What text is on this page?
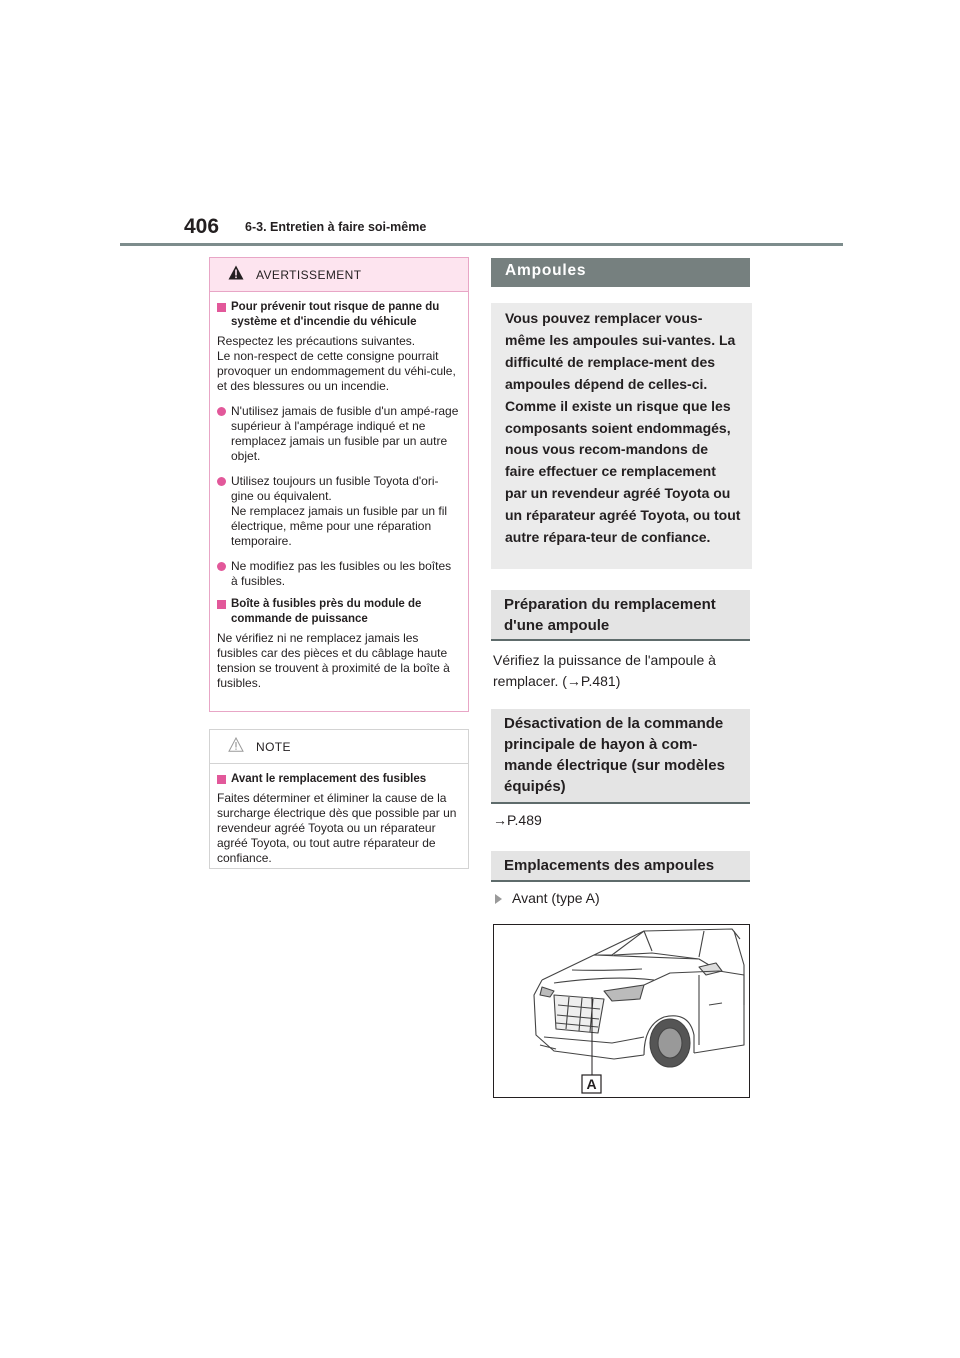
406 6-3. Entretien à faire soi-même
AVERTISSEMENT
Pour prévenir tout risque de panne du système et d'incendie du véhicule
Respectez les précautions suivantes.
Le non-respect de cette consigne pourrait provoquer un endommagement du véhi-cule, et des blessures ou un incendie.
N'utilisez jamais de fusible d'un ampé-rage supérieur à l'ampérage indiqué et ne remplacez jamais un fusible par un autre objet.
Utilisez toujours un fusible Toyota d'ori-gine ou équivalent.
Ne remplacez jamais un fusible par un fil électrique, même pour une réparation temporaire.
Ne modifiez pas les fusibles ou les boîtes à fusibles.
Boîte à fusibles près du module de commande de puissance
Ne vérifiez ni ne remplacez jamais les fusibles car des pièces et du câblage haute tension se trouvent à proximité de la boîte à fusibles.
NOTE
Avant le remplacement des fusibles
Faites déterminer et éliminer la cause de la surcharge électrique dès que possible par un revendeur agréé Toyota ou un réparateur agréé Toyota, ou tout autre réparateur de confiance.
Ampoules
Vous pouvez remplacer vous-même les ampoules sui-vantes. La difficulté de remplace-ment des ampoules dépend de celles-ci. Comme il existe un risque que les composants soient endommagés, nous vous recom-mandons de faire effectuer ce remplacement par un revendeur agréé Toyota ou un réparateur agréé Toyota, ou tout autre répara-teur de confiance.
Préparation du remplacement d'une ampoule
Vérifiez la puissance de l'ampoule à
remplacer. (→P.481)
Désactivation de la commande principale de hayon à com-mande électrique (sur modèles équipés)
→P.489
Emplacements des ampoules
Avant (type A)
A
